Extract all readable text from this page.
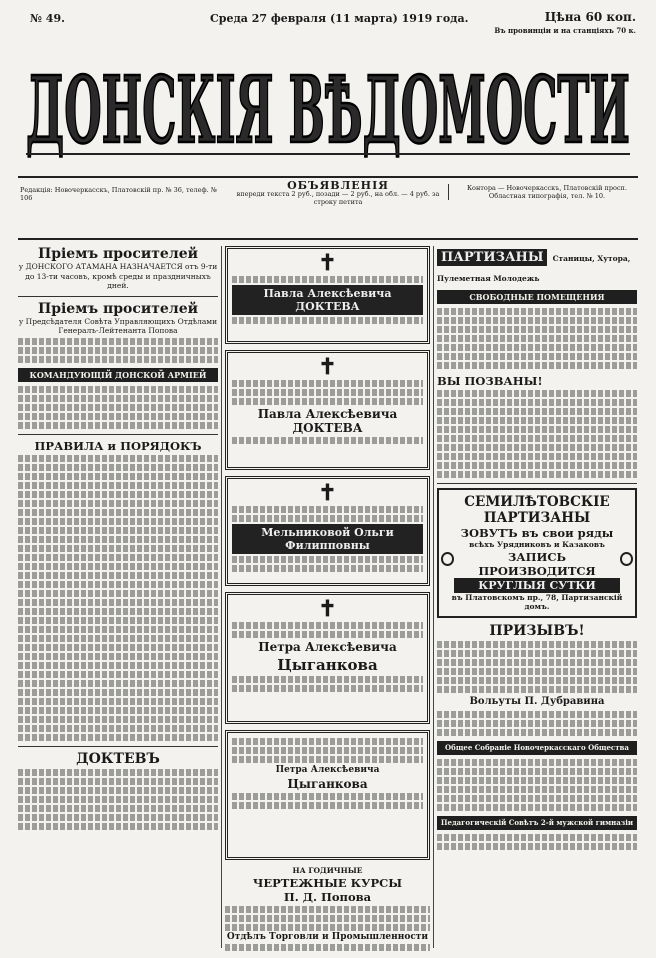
№ 49.	Среда 27 февраля (11 марта) 1919 года.	Цѣна 60 коп.
Въ провинціи и на станціяхъ 70 к.
ДОНСКІЯ ВѢДОМОСТИ
Редакція: Новочеркасскъ, Платовскій пр. № 36, телеф. № 106
ОБЪЯВЛЕНІЯ
впереди текста 2 руб., позади — 2 руб., на обл. — 4 руб. за строку петита
Контора — Новочеркасскъ, Платовскій просп. Областная типографія, тел. № 10.
Пріемъ просителей
у ДОНСКОГО АТАМАНА НАЗНАЧАЕТСЯ отъ 9-ти до 13-ти часовъ, кромѣ среды и праздничныхъ дней.
Пріемъ просителей
у Предсѣдателя Совѣта Управляющихъ Отдѣлами Генералъ-Лейтенанта Попова
КОМАНДУЮЩІЙ ДОНСКОЙ АРМІЕЙ
ПРАВИЛА и ПОРЯДОКЪ
ДОКТЕВЪ
✝
Павла Алексѣевича ДОКТЕВА
✝
Павла Алексѣевича ДОКТЕВА
✝
Мельниковой Ольги Филипповны
✝
Петра Алексѣевича
Цыганкова
Петра Алексѣевича
Цыганкова
НА ГОДИЧНЫЕ
ЧЕРТЕЖНЫЕ КУРСЫ
П. Д. Попова
Отдѣлъ Торговли и Промышленности
ПАРТИЗАНЫ Станицы, Хутора, Пулеметная Молодежь
СВОБОДНЫЕ ПОМЕЩЕНИЯ
ВЫ ПОЗВАНЫ!
СЕМИЛѢТОВСКІЕ ПАРТИЗАНЫ
ЗОВУТЪ въ свои ряды
всѣхъ Урядниковъ и Казаковъ
ЗАПИСЬ ПРОИЗВОДИТСЯ
КРУГЛЫЯ СУТКИ
въ Платовскомъ пр., 78, Партизанскій домъ.
ПРИЗЫВЪ!
Вольуты П. Дубравина
Общее Собраніе Новочеркасскаго Общества
Педагогическій Совѣтъ 2-й мужской гимназіи
